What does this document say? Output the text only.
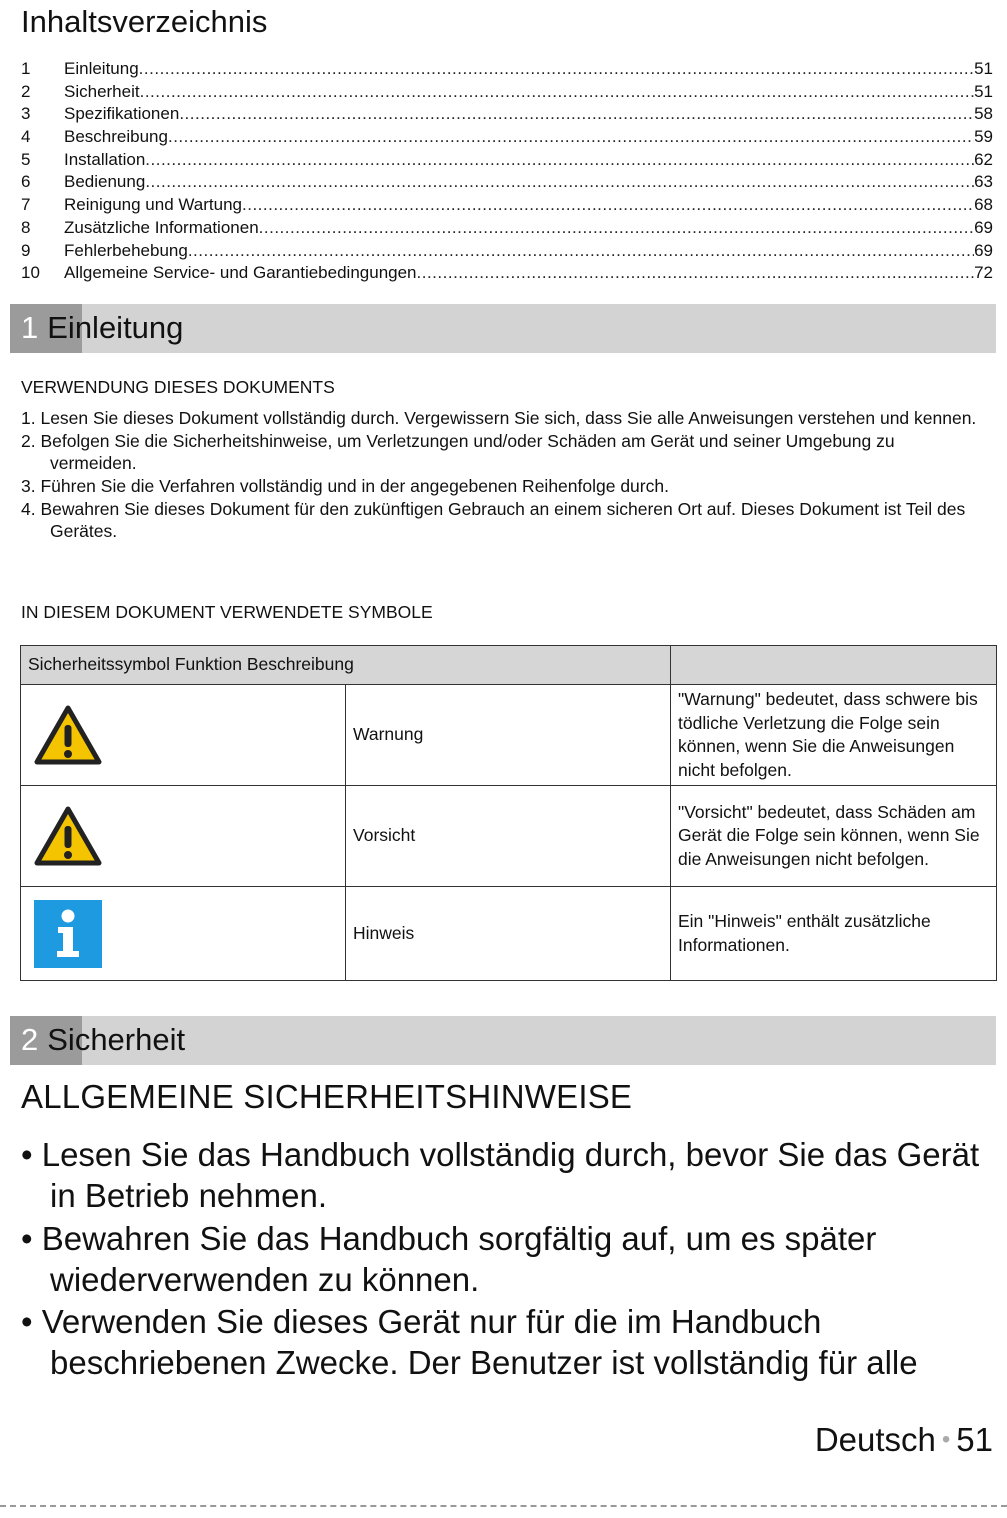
Inhaltsverzeichnis
1	Einleitung .....	51
2	Sicherheit .....	51
3	Spezifikationen .....	58
4	Beschreibung .....	59
5	Installation .....	62
6	Bedienung .....	63
7	Reinigung und Wartung .....	68
8	Zusätzliche Informationen .....	69
9	Fehlerbehebung .....	69
10	Allgemeine Service- und Garantiebedingungen .....	72
1 Einleitung
VERWENDUNG DIESES DOKUMENTS

1. Lesen Sie dieses Dokument vollständig durch. Vergewissern Sie sich, dass Sie alle Anweisungen verstehen und kennen.

2. Befolgen Sie die Sicherheitshinweise, um Verletzungen und/oder Schäden am Gerät und seiner Umgebung zu vermeiden.

3. Führen Sie die Verfahren vollständig und in der angegebenen Reihenfolge durch.

4. Bewahren Sie dieses Dokument für den zukünftigen Gebrauch an einem sicheren Ort auf. Dieses Dokument ist Teil des Gerätes.

IN DIESEM DOKUMENT VERWENDETE SYMBOLE
Sicherheitssymbol Funktion Beschreibung		

	Warnung	"Warnung" bedeutet, dass schwere bis tödliche Verletzung die Folge sein können, wenn Sie die Anweisungen nicht befolgen.

	Vorsicht	"Vorsicht" bedeutet, dass Schäden am Gerät die Folge sein können, wenn Sie die Anweisungen nicht befolgen.

	Hinweis	Ein "Hinweis" enthält zusätzliche Informationen.
2 Sicherheit
ALLGEMEINE SICHERHEITSHINWEISE

• Lesen Sie das Handbuch vollständig durch, bevor Sie das Gerät in Betrieb nehmen.

• Bewahren Sie das Handbuch sorgfältig auf, um es später wiederverwenden zu können.

• Verwenden Sie dieses Gerät nur für die im Handbuch beschriebenen Zwecke. Der Benutzer ist vollständig für alle

Deutsch • 51
